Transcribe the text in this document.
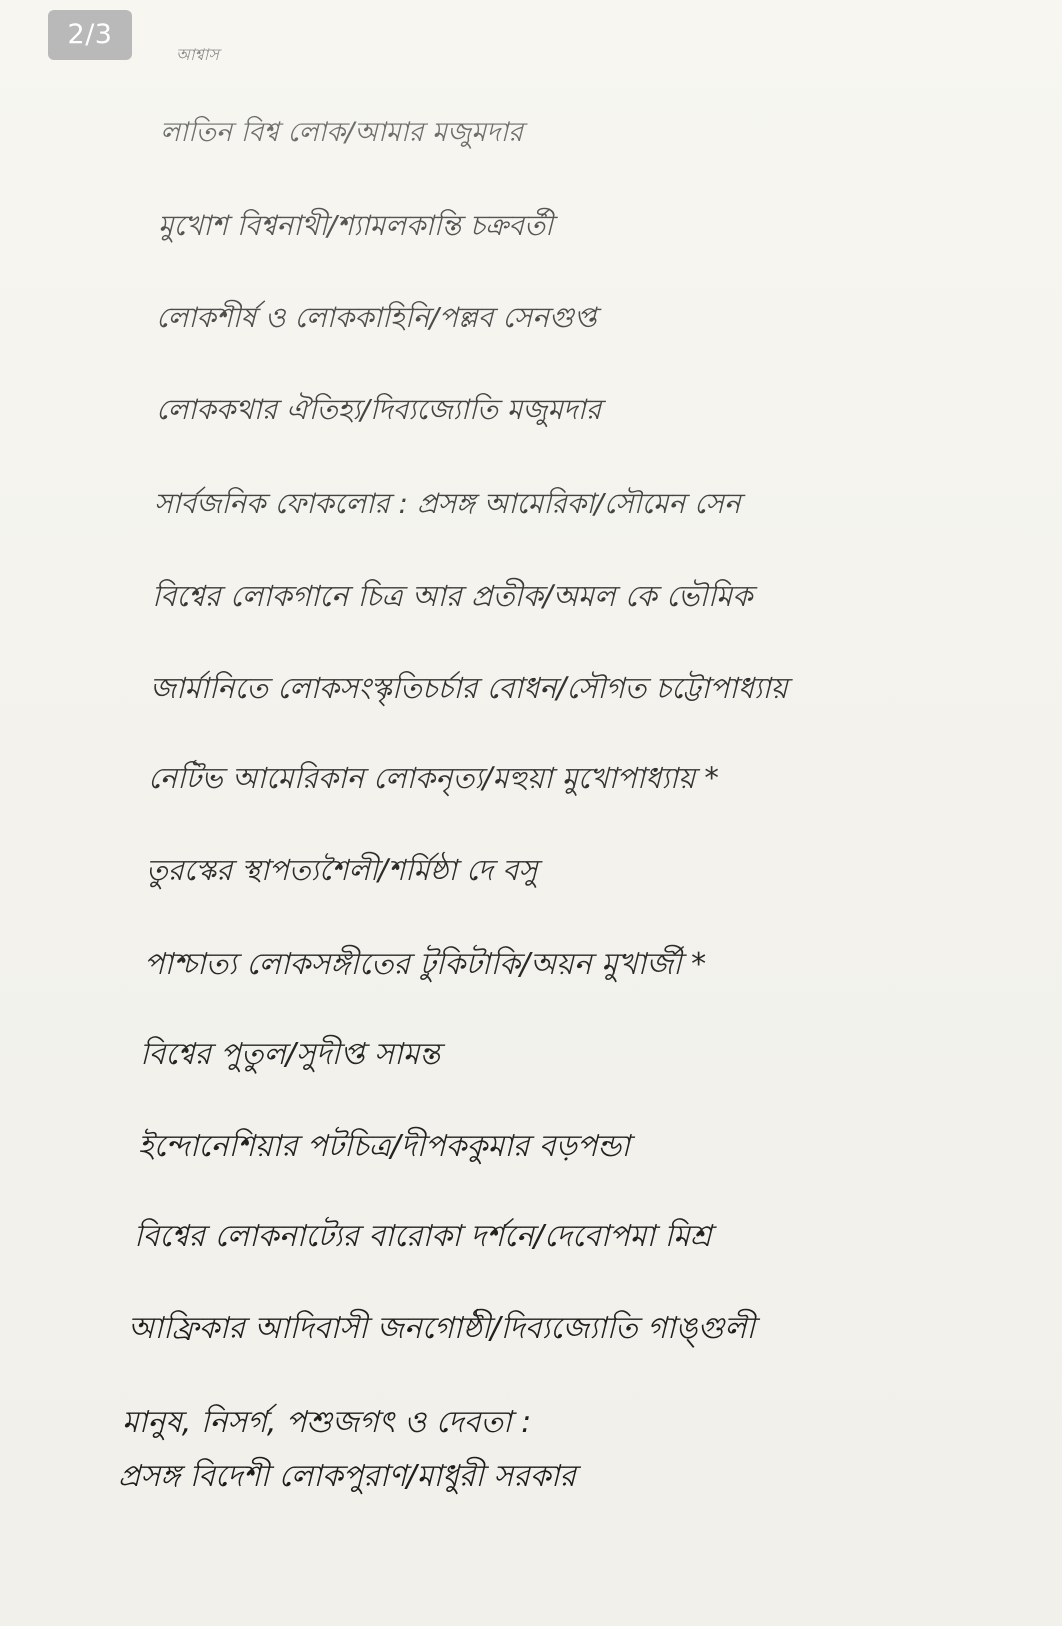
2/3
আশ্বাস
লাতিন বিশ্ব লোক/আমার মজুমদার
মুখোশ বিশ্বনাথী/শ্যামলকান্তি চক্রবর্তী
লোকশীর্ষ ও লোককাহিনি/পল্লব সেনগুপ্ত
লোককথার ঐতিহ্য/দিব্যজ্যোতি মজুমদার
সার্বজনিক ফোকলোর : প্রসঙ্গ আমেরিকা/সৌমেন সেন
বিশ্বের লোকগানে চিত্র আর প্রতীক/অমল কে ভৌমিক
জার্মানিতে লোকসংস্কৃতিচর্চার বোধন/সৌগত চট্টোপাধ্যায়
নেটিভ আমেরিকান লোকনৃত্য/মহুয়া মুখোপাধ্যায় *
তুরস্কের স্থাপত্যশৈলী/শর্মিষ্ঠা দে বসু
পাশ্চাত্য লোকসঙ্গীতের টুকিটাকি/অয়ন মুখার্জী *
বিশ্বের পুতুল/সুদীপ্ত সামন্ত
ইন্দোনেশিয়ার পটচিত্র/দীপককুমার বড়পন্ডা
বিশ্বের লোকনাট্যের বারোকা দর্শনে/দেবোপমা মিশ্র
আফ্রিকার আদিবাসী জনগোষ্ঠী/দিব্যজ্যোতি গাঙ্গুলী
মানুষ, নিসর্গ, পশুজগৎ ও দেবতা :
প্রসঙ্গ বিদেশী লোকপুরাণ/মাধুরী সরকার
